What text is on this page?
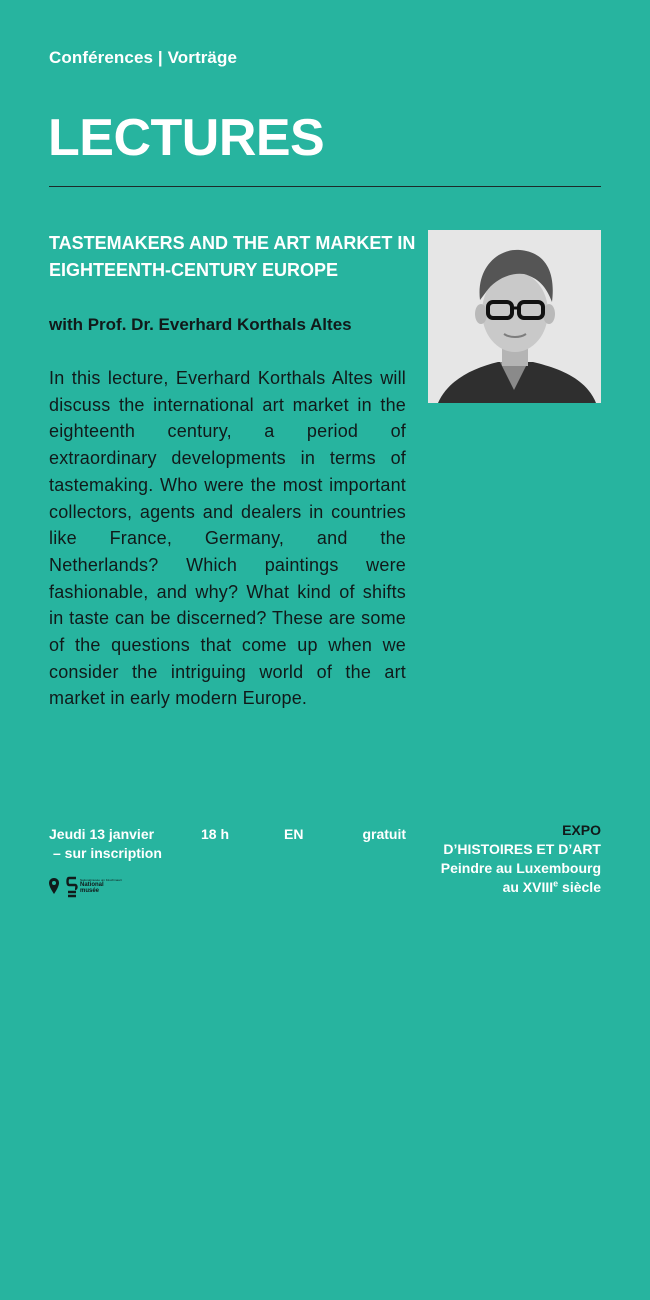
Conférences | Vorträge
LECTURES
TASTEMAKERS AND THE ART MARKET IN EIGHTEENTH-CENTURY EUROPE
with Prof. Dr. Everhard Korthals Altes
In this lecture, Everhard Korthals Altes will discuss the international art market in the eighteenth century, a period of extraordinary developments in terms of tastemaking. Who were the most important collectors, agents and dealers in countries like France, Germany, and the Netherlands? Which paintings were fashionable, and why? What kind of shifts in taste can be discerned? These are some of the questions that come up when we consider the intriguing world of the art market in early modern Europe.
Jeudi 13 janvier	18 h	EN	gratuit
– sur inscription
Nationalmusée um Fëschmaart
National
musée
EXPO
D’HISTOIRES ET D’ART
Peindre au Luxembourg
au XVIIIe siècle
